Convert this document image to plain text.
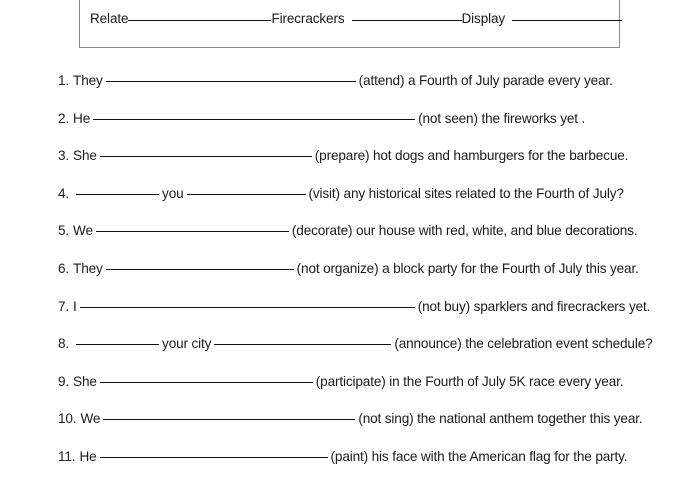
Relate	Firecrackers	Display
1. They	(attend) a Fourth of July parade every year.
2. He	(not seen) the fireworks yet .
3. She	(prepare) hot dogs and hamburgers for the barbecue.
4.	you	(visit) any historical sites related to the Fourth of July?
5. We	(decorate) our house with red, white, and blue decorations.
6. They	(not organize) a block party for the Fourth of July this year.
7. I	(not buy) sparklers and firecrackers yet.
8.	your city	(announce) the celebration event schedule?
9. She	(participate) in the Fourth of July 5K race every year.
10. We	(not sing) the national anthem together this year.
11. He	(paint) his face with the American flag for the party.
